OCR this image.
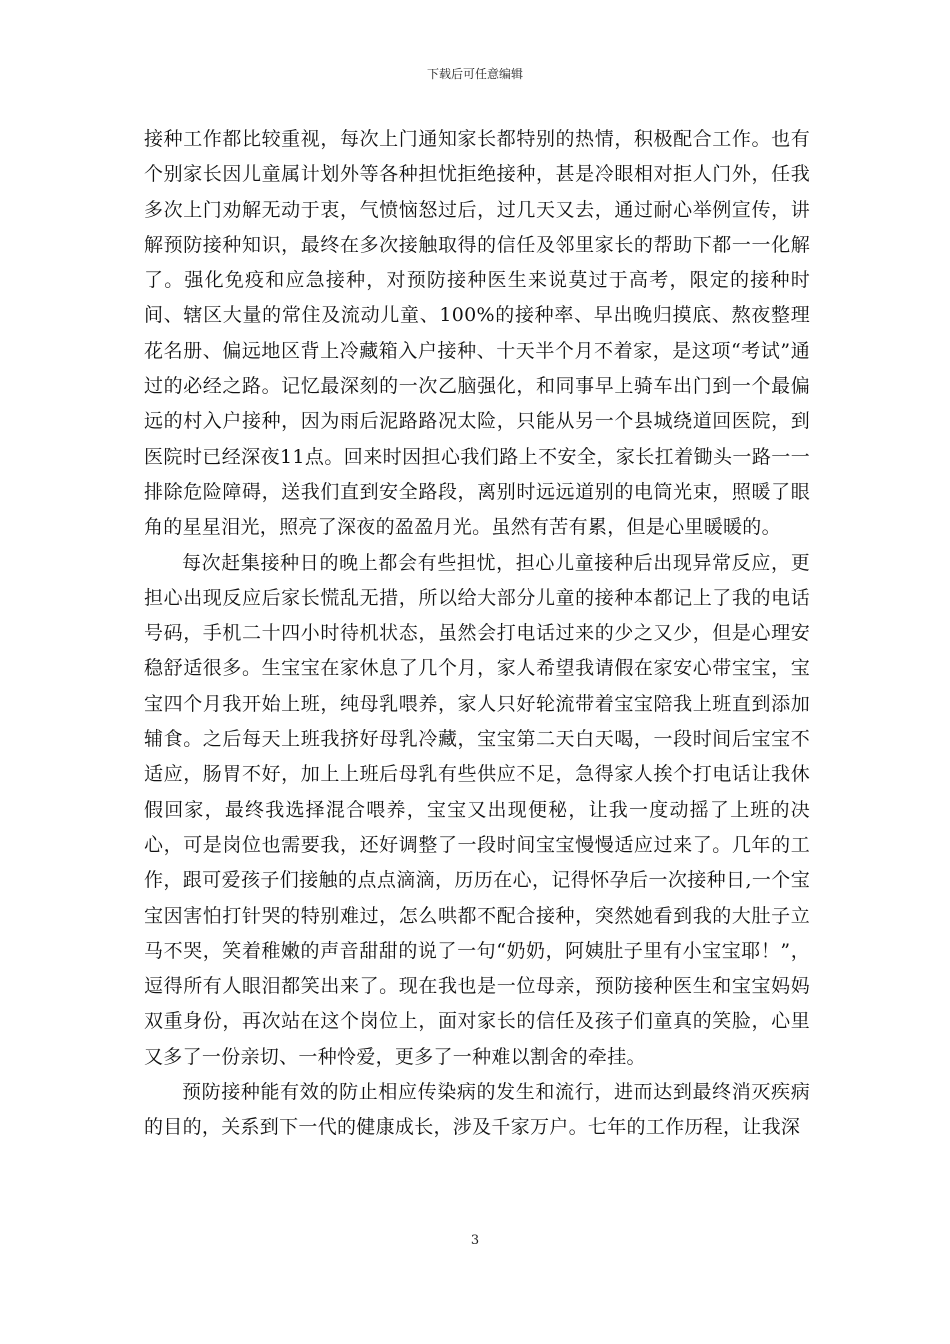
下载后可任意编辑

接种工作都比较重视，每次上门通知家长都特别的热情，积极配合工作。也有个别家长因儿童属计划外等各种担忧拒绝接种，甚是冷眼相对拒人门外，任我多次上门劝解无动于衷，气愤恼怒过后，过几天又去，通过耐心举例宣传，讲解预防接种知识，最终在多次接触取得的信任及邻里家长的帮助下都一一化解了。强化免疫和应急接种，对预防接种医生来说莫过于高考，限定的接种时间、辖区大量的常住及流动儿童、100%的接种率、早出晚归摸底、熬夜整理花名册、偏远地区背上冷藏箱入户接种、十天半个月不着家，是这项“考试”通过的必经之路。记忆最深刻的一次乙脑强化，和同事早上骑车出门到一个最偏远的村入户接种，因为雨后泥路路况太险，只能从另一个县城绕道回医院，到医院时已经深夜11点。回来时因担心我们路上不安全，家长扛着锄头一路一一排除危险障碍，送我们直到安全路段，离别时远远道别的电筒光束，照暖了眼角的星星泪光，照亮了深夜的盈盈月光。虽然有苦有累，但是心里暖暖的。

每次赶集接种日的晚上都会有些担忧，担心儿童接种后出现异常反应，更担心出现反应后家长慌乱无措，所以给大部分儿童的接种本都记上了我的电话号码，手机二十四小时待机状态，虽然会打电话过来的少之又少，但是心理安稳舒适很多。生宝宝在家休息了几个月，家人希望我请假在家安心带宝宝，宝宝四个月我开始上班，纯母乳喂养，家人只好轮流带着宝宝陪我上班直到添加辅食。之后每天上班我挤好母乳冷藏，宝宝第二天白天喝，一段时间后宝宝不适应，肠胃不好，加上上班后母乳有些供应不足，急得家人挨个打电话让我休假回家，最终我选择混合喂养，宝宝又出现便秘，让我一度动摇了上班的决心，可是岗位也需要我，还好调整了一段时间宝宝慢慢适应过来了。几年的工作，跟可爱孩子们接触的点点滴滴，历历在心，记得怀孕后一次接种日,一个宝宝因害怕打针哭的特别难过，怎么哄都不配合接种，突然她看到我的大肚子立马不哭，笑着稚嫩的声音甜甜的说了一句“奶奶，阿姨肚子里有小宝宝耶！”，逗得所有人眼泪都笑出来了。现在我也是一位母亲，预防接种医生和宝宝妈妈双重身份，再次站在这个岗位上，面对家长的信任及孩子们童真的笑脸，心里又多了一份亲切、一种怜爱，更多了一种难以割舍的牵挂。

预防接种能有效的防止相应传染病的发生和流行，进而达到最终消灭疾病的目的，关系到下一代的健康成长，涉及千家万户。七年的工作历程，让我深

3
